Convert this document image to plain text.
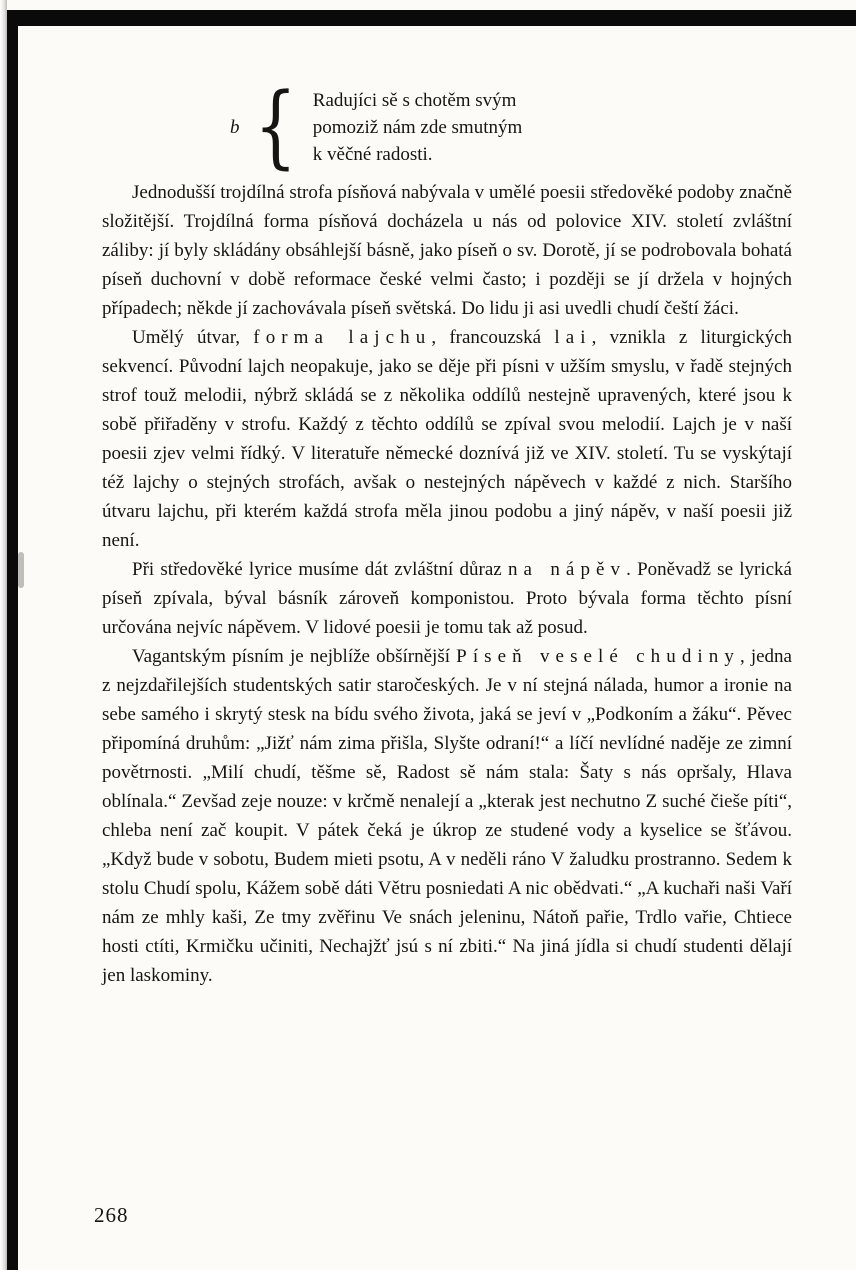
b { Radujíci sě s chotěm svým
pomoziž nám zde smutným
k věčné radosti.

Jednodušší trojdílná strofa písňová nabývala v umělé poesii středověké podoby značně složitější. Trojdílná forma písňová docházela u nás od polovice XIV. století zvláštní záliby: jí byly skládány obsáhlejší básně, jako píseň o sv. Dorotě, jí se podrobovala bohatá píseň duchovní v době reformace české velmi často; i později se jí držela v hojných případech; někde jí zachovávala píseň světská. Do lidu ji asi uvedli chudí čeští žáci.

Umělý útvar, forma lajchu, francouzská lai, vznikla z liturgických sekvencí. Původní lajch neopakuje, jako se děje při písni v užším smyslu, v řadě stejných strof touž melodii, nýbrž skládá se z několika oddílů nestejně upravených, které jsou k sobě přiřaděny v strofu. Každý z těchto oddílů se zpíval svou melodií. Lajch je v naší poesii zjev velmi řídký. V literatuře německé doznívá již ve XIV. století. Tu se vyskýtají též lajchy o stejných strofách, avšak o nestejných nápěvech v každé z nich. Staršího útvaru lajchu, při kterém každá strofa měla jinou podobu a jiný nápěv, v naší poesii již není.

Při středověké lyrice musíme dát zvláštní důraz na nápěv. Poněvadž se lyrická píseň zpívala, býval básník zároveň komponistou. Proto bývala forma těchto písní určována nejvíc nápěvem. V lidové poesii je tomu tak až posud.

Vagantským písním je nejblíže obšírnější Píseň veselé chudiny, jedna z nejzdařilejších studentských satir staročeských. Je v ní stejná nálada, humor a ironie na sebe samého i skrytý stesk na bídu svého života, jaká se jeví v „Podkoním a žáku“. Pěvec připomíná druhům: „Jižť nám zima přišla, Slyšte odraní!“ a líčí nevlídné naděje ze zimní povětrnosti. „Milí chudí, těšme sě, Radost sě nám stala: Šaty s nás opršaly, Hlava oblínala.“ Zevšad zeje nouze: v krčmě nenalejí a „kterak jest nechutno Z suché čieše píti“, chleba není zač koupit. V pátek čeká je úkrop ze studené vody a kyselice se šťávou. „Když bude v sobotu, Budem mieti psotu, A v neděli ráno V žaludku prostranno. Sedem k stolu Chudí spolu, Kážem sobě dáti Větru posniedati A nic obědvati.“ „A kuchaři naši Vaří nám ze mhly kaši, Ze tmy zvěřinu Ve snách jeleninu, Nátoň pařie, Trdlo vařie, Chtiece hosti ctíti, Krmičku učiniti, Nechajžť jsú s ní zbiti.“ Na jiná jídla si chudí studenti dělají jen laskominy.

268
